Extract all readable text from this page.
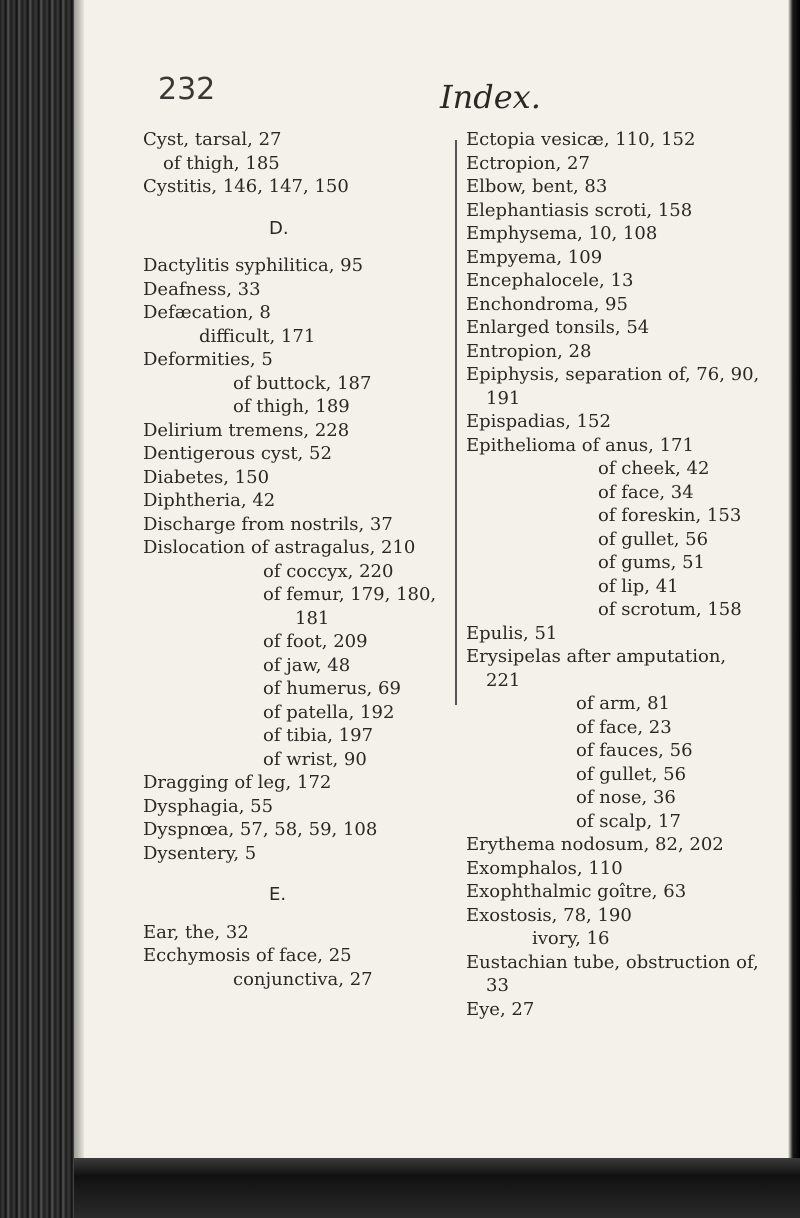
232	Index.
Cyst, tarsal, 27
of thigh, 185
Cystitis, 146, 147, 150
D.
Dactylitis syphilitica, 95
Deafness, 33
Defæcation, 8
difficult, 171
Deformities, 5
of buttock, 187
of thigh, 189
Delirium tremens, 228
Dentigerous cyst, 52
Diabetes, 150
Diphtheria, 42
Discharge from nostrils, 37
Dislocation of astragalus, 210
of coccyx, 220
of femur, 179, 180,
181
of foot, 209
of jaw, 48
of humerus, 69
of patella, 192
of tibia, 197
of wrist, 90
Dragging of leg, 172
Dysphagia, 55
Dyspnœa, 57, 58, 59, 108
Dysentery, 5
E.
Ear, the, 32
Ecchymosis of face, 25
conjunctiva, 27
Ectopia vesicæ, 110, 152
Ectropion, 27
Elbow, bent, 83
Elephantiasis scroti, 158
Emphysema, 10, 108
Empyema, 109
Encephalocele, 13
Enchondroma, 95
Enlarged tonsils, 54
Entropion, 28
Epiphysis, separation of, 76, 90,
191
Epispadias, 152
Epithelioma of anus, 171
of cheek, 42
of face, 34
of foreskin, 153
of gullet, 56
of gums, 51
of lip, 41
of scrotum, 158
Epulis, 51
Erysipelas after amputation,
221
of arm, 81
of face, 23
of fauces, 56
of gullet, 56
of nose, 36
of scalp, 17
Erythema nodosum, 82, 202
Exomphalos, 110
Exophthalmic goître, 63
Exostosis, 78, 190
ivory, 16
Eustachian tube, obstruction of,
33
Eye, 27
